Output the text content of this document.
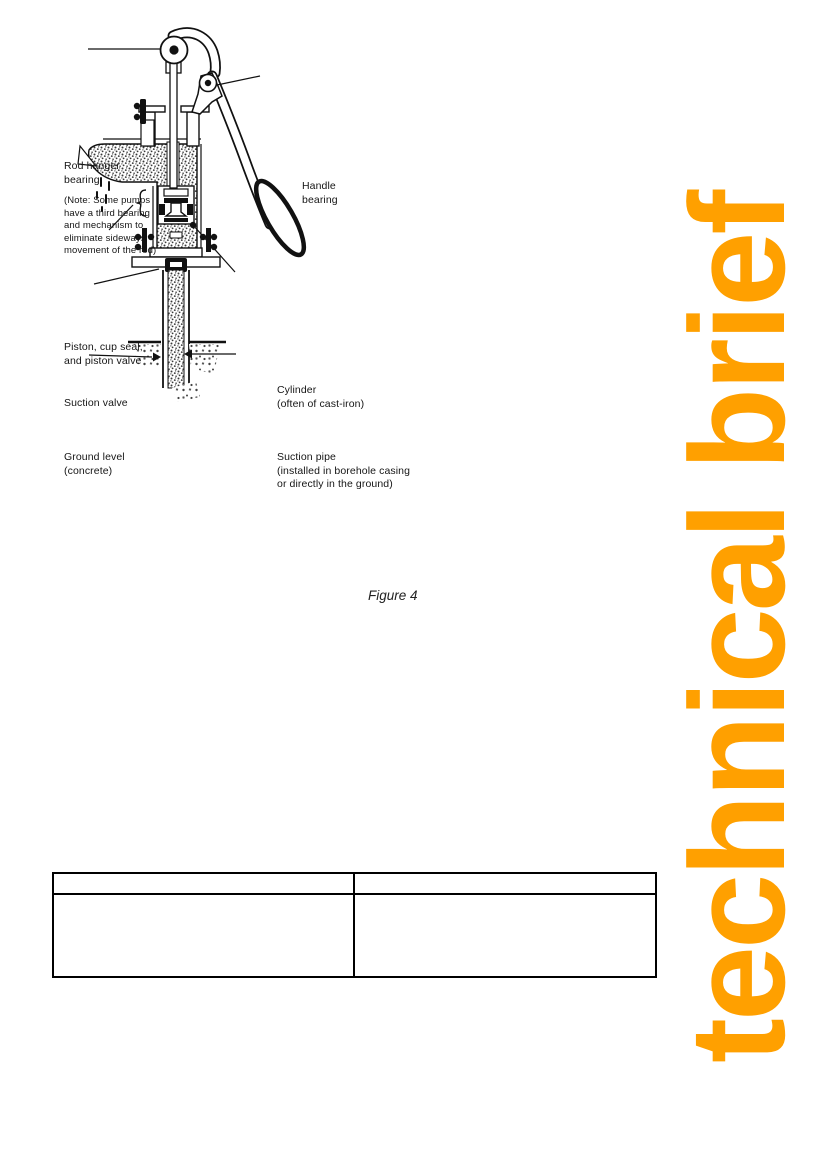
Rod hanger
bearing
(Note: Some pumps
have a third bearing
and mechanism to
eliminate sideways
movement of the rod)
Handle
bearing
Piston, cup seal,
and piston valve
Cylinder
(often of cast-iron)
Suction valve
Ground level
(concrete)
Suction pipe
(installed in borehole casing
or directly in the ground)
Figure 4 technical brief
